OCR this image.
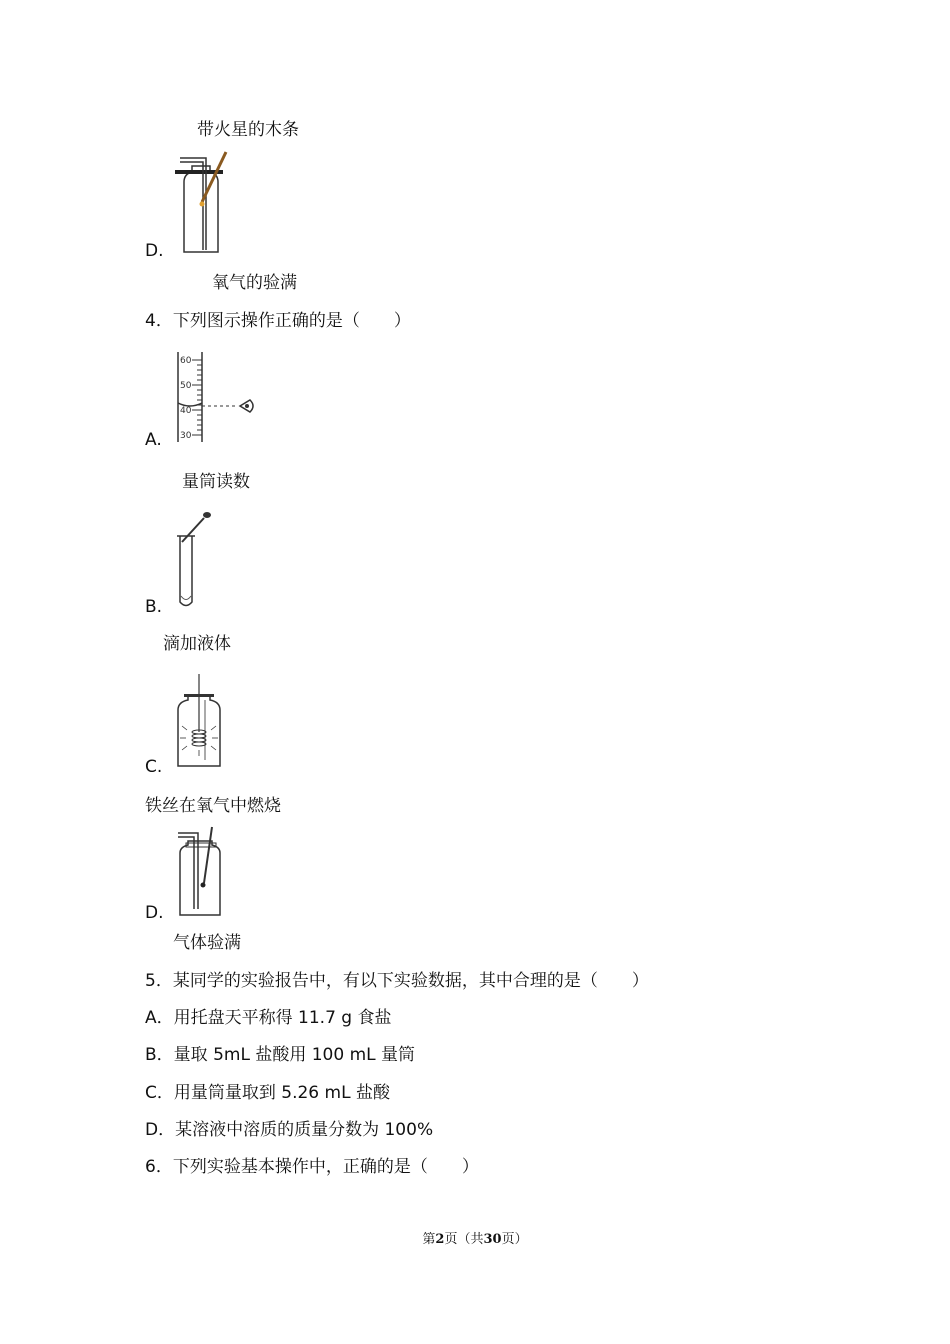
带火星的木条
D.
氧气的验满
4．下列图示操作正确的是（　　）
60
50
40
30
A.
量筒读数
B.
滴加液体
C.
铁丝在氧气中燃烧
D.
气体验满
5．某同学的实验报告中，有以下实验数据，其中合理的是（　　）
A．用托盘天平称得 11.7 g 食盐
B．量取 5mL 盐酸用 100 mL 量筒
C．用量筒量取到 5.26 mL 盐酸
D．某溶液中溶质的质量分数为 100%
6．下列实验基本操作中，正确的是（　　）
第2页（共30页）
